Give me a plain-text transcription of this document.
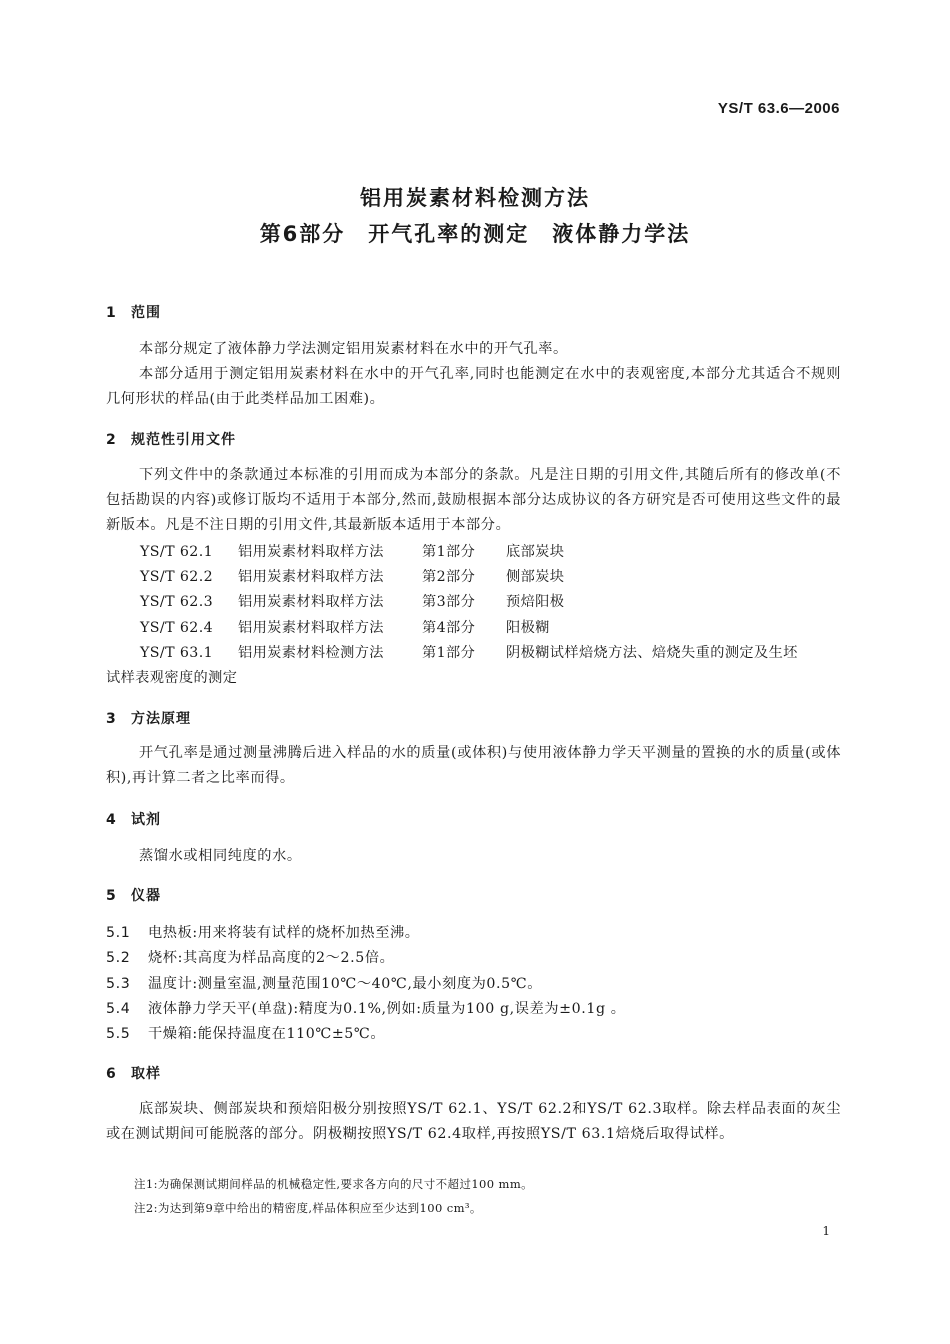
YS/T 63.6—2006
铝用炭素材料检测方法
第6部分　开气孔率的测定　液体静力学法
1 范围
本部分规定了液体静力学法测定铝用炭素材料在水中的开气孔率。
本部分适用于测定铝用炭素材料在水中的开气孔率,同时也能测定在水中的表观密度,本部分尤其适合不规则几何形状的样品(由于此类样品加工困难)。
2 规范性引用文件
下列文件中的条款通过本标准的引用而成为本部分的条款。凡是注日期的引用文件,其随后所有的修改单(不包括勘误的内容)或修订版均不适用于本部分,然而,鼓励根据本部分达成协议的各方研究是否可使用这些文件的最新版本。凡是不注日期的引用文件,其最新版本适用于本部分。
YS/T 62.1 铝用炭素材料取样方法	第1部分 底部炭块
YS/T 62.2 铝用炭素材料取样方法	第2部分 侧部炭块
YS/T 62.3 铝用炭素材料取样方法	第3部分 预焙阳极
YS/T 62.4 铝用炭素材料取样方法	第4部分 阳极糊
YS/T 63.1 铝用炭素材料检测方法	第1部分 阴极糊试样焙烧方法、焙烧失重的测定及生坯
试样表观密度的测定
3 方法原理
开气孔率是通过测量沸腾后进入样品的水的质量(或体积)与使用液体静力学天平测量的置换的水的质量(或体积),再计算二者之比率而得。
4 试剂
蒸馏水或相同纯度的水。
5 仪器
5.1 电热板:用来将装有试样的烧杯加热至沸。
5.2 烧杯:其高度为样品高度的2～2.5倍。
5.3 温度计:测量室温,测量范围10℃～40℃,最小刻度为0.5℃。
5.4 液体静力学天平(单盘):精度为0.1%,例如:质量为100 g,误差为±0.1g 。
5.5 干燥箱:能保持温度在110℃±5℃。
6 取样
底部炭块、侧部炭块和预焙阳极分别按照YS/T 62.1、YS/T 62.2和YS/T 62.3取样。除去样品表面的灰尘或在测试期间可能脱落的部分。阴极糊按照YS/T 62.4取样,再按照YS/T 63.1焙烧后取得试样。
注1:为确保测试期间样品的机械稳定性,要求各方向的尺寸不超过100 mm。
注2:为达到第9章中给出的精密度,样品体积应至少达到100 cm³。
1
